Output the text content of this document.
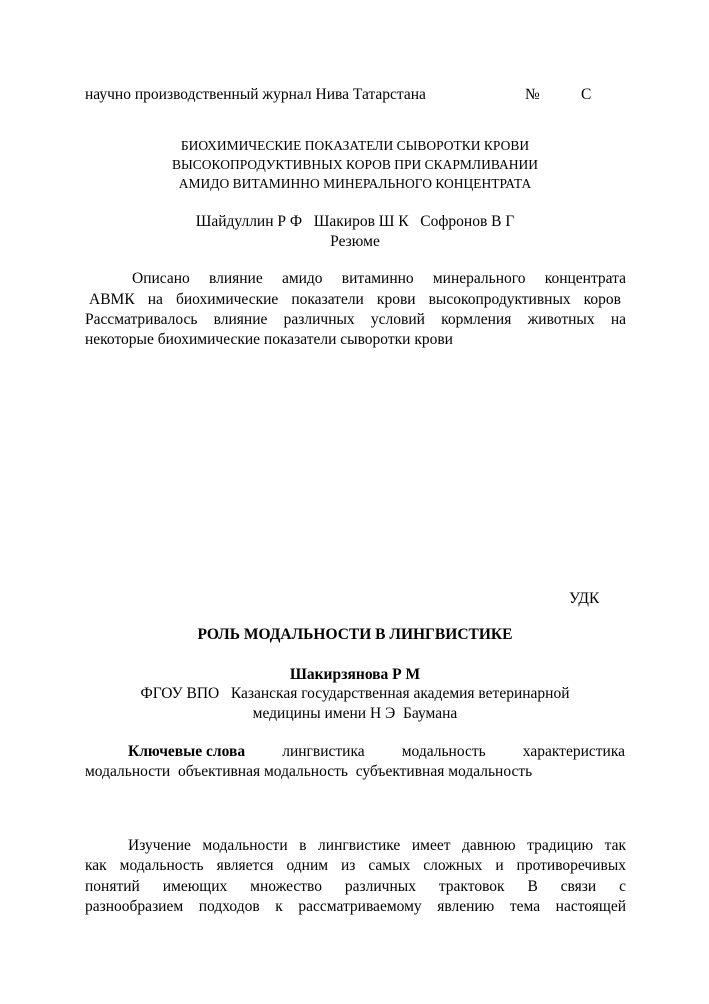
научно производственный журнал Нива Татарстана	№	С
БИОХИМИЧЕСКИЕ ПОКАЗАТЕЛИ СЫВОРОТКИ КРОВИ
ВЫСОКОПРОДУКТИВНЫХ КОРОВ ПРИ СКАРМЛИВАНИИ
АМИДО ВИТАМИННО МИНЕРАЛЬНОГО КОНЦЕНТРАТА
Шайдуллин Р Ф   Шакиров Ш К   Софронов В Г
Резюме
Описано влияние амидо витаминно минерального концентрата
АВМК на биохимические показатели крови высокопродуктивных коров
Рассматривалось влияние различных условий кормления животных на
некоторые биохимические показатели сыворотки крови
УДК
РОЛЬ МОДАЛЬНОСТИ В ЛИНГВИСТИКЕ
Шакирзянова Р М
ФГОУ ВПО   Казанская государственная академия ветеринарной
медицины имени Н Э  Баумана
Ключевые слова лингвистика модальность характеристика
модальности  объективная модальность  субъективная модальность
Изучение модальности в лингвистике имеет давнюю традицию так
как модальность является одним из самых сложных и противоречивых
понятий имеющих множество различных трактовок В связи с
разнообразием подходов к рассматриваемому явлению тема настоящей
